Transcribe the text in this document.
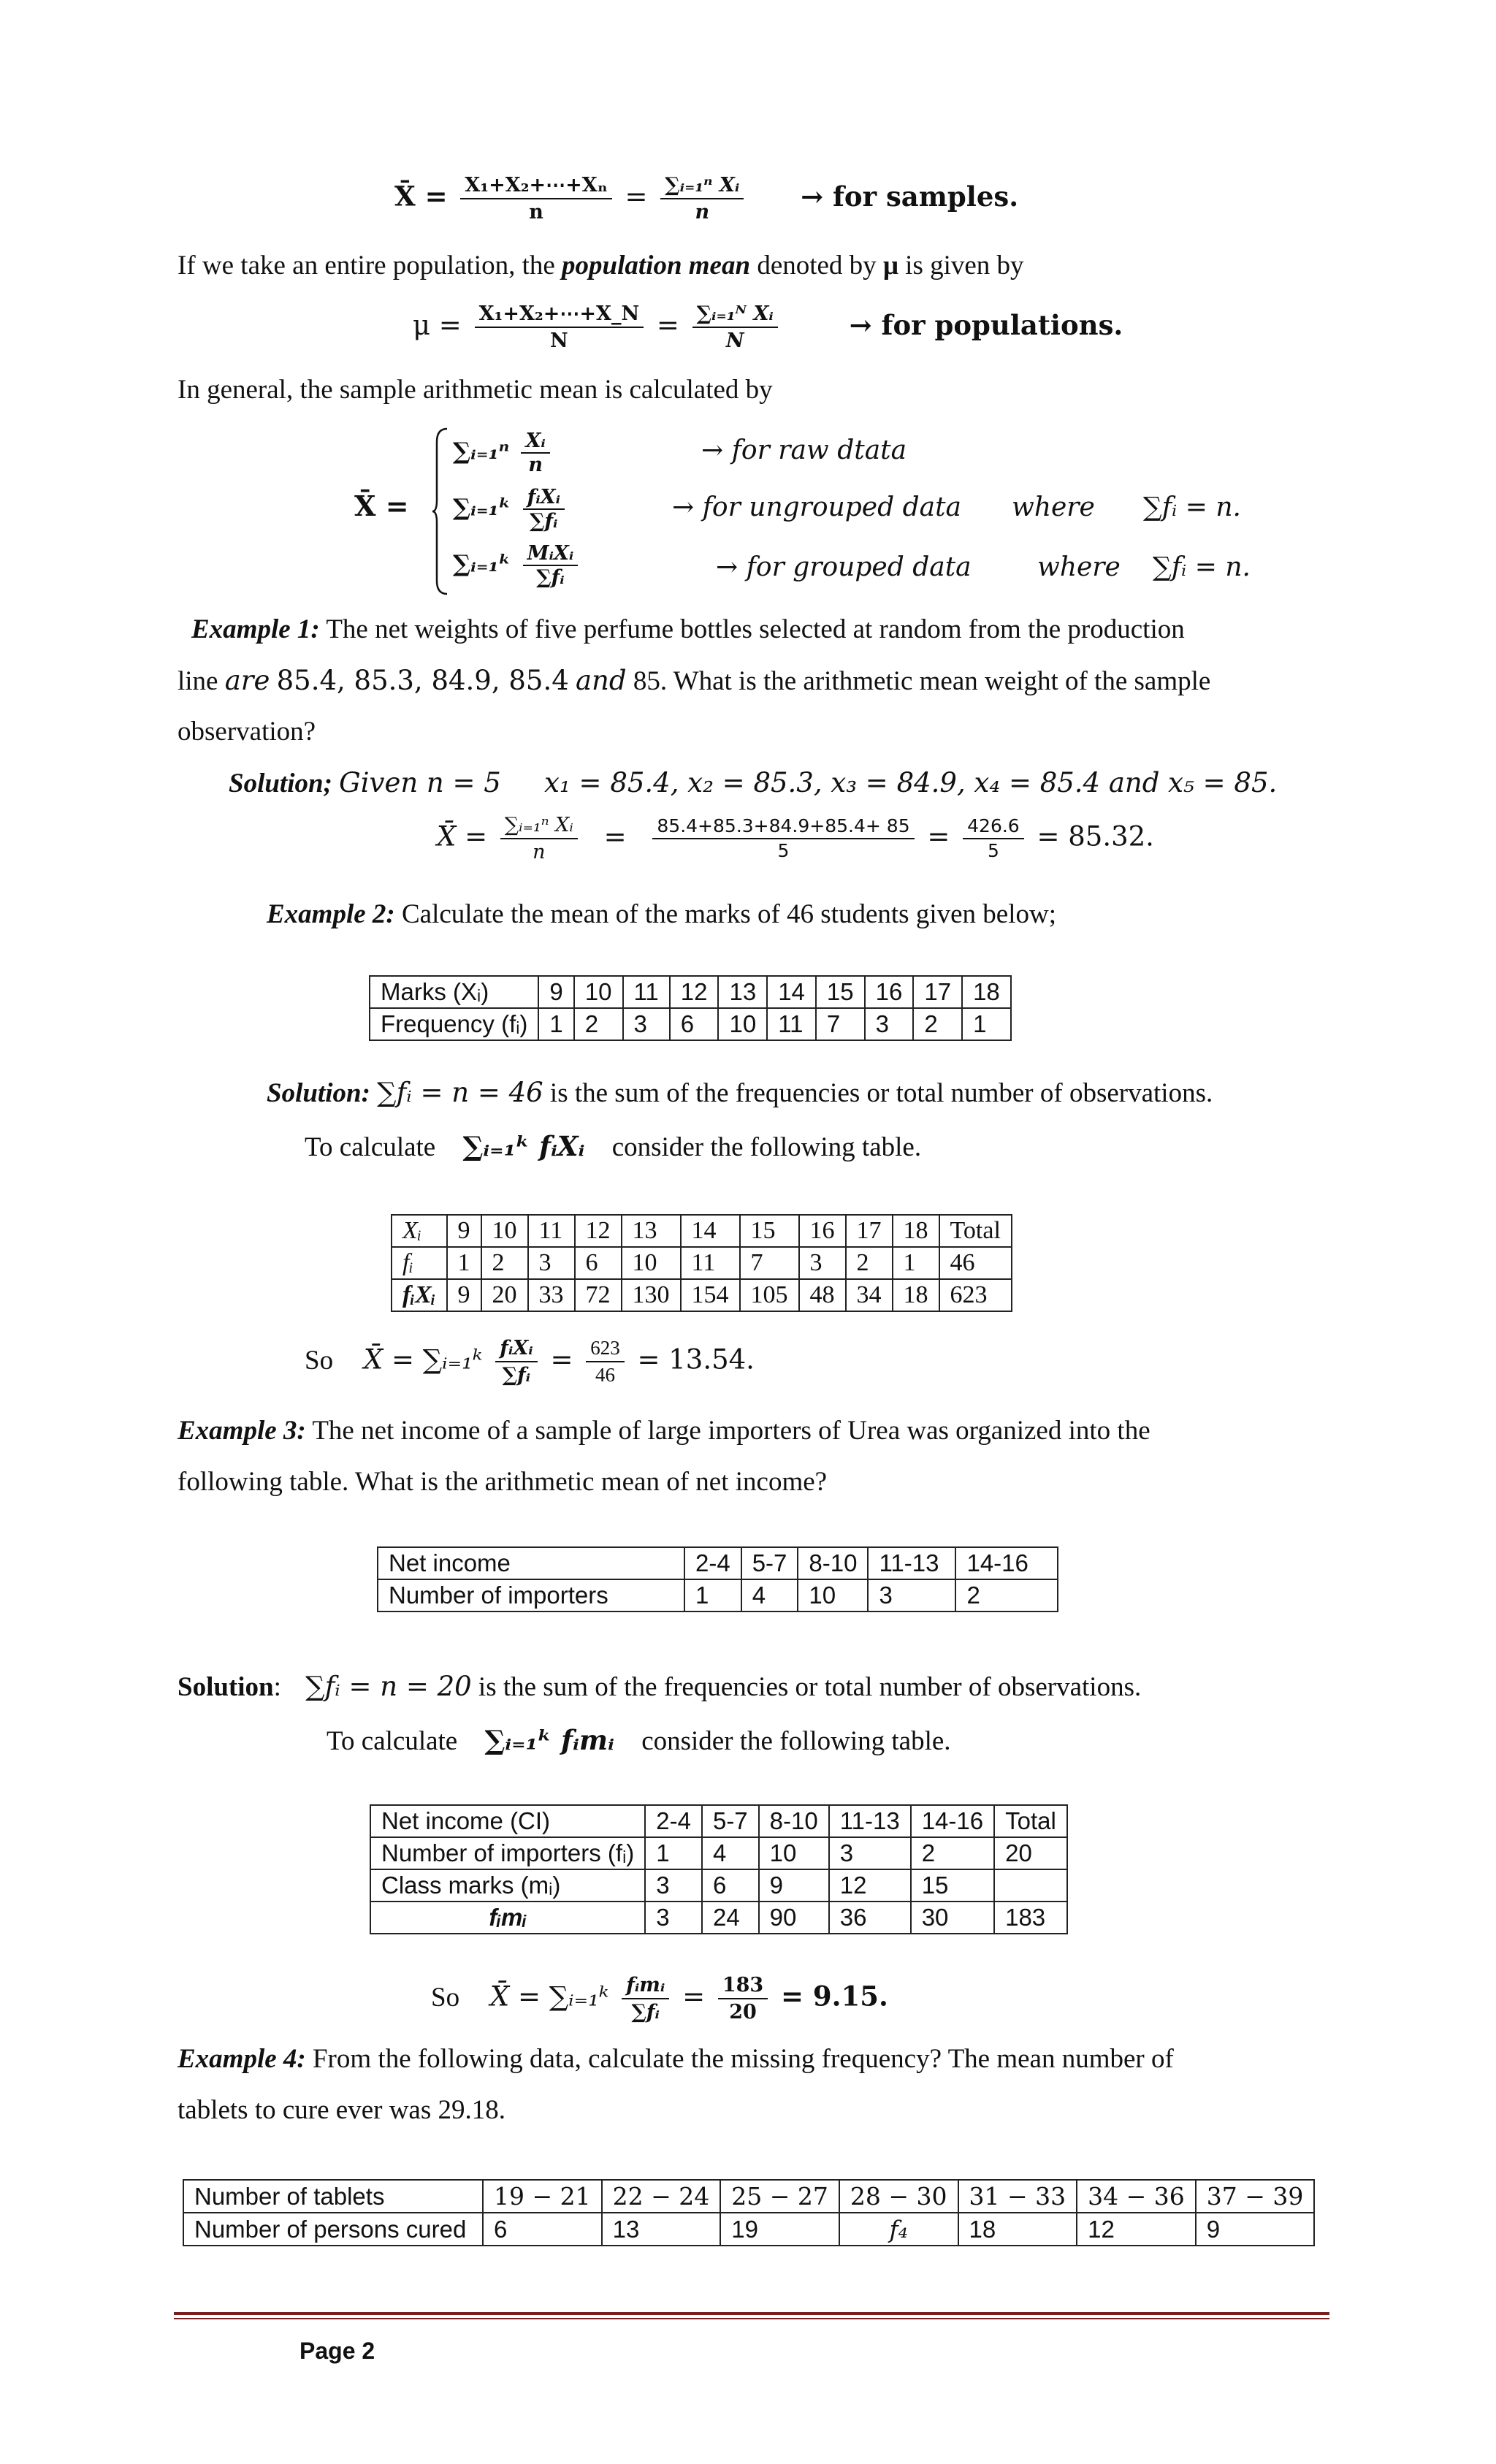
X̄ = $\frac{\text{X₁+X₂+⋯+Xₙ}}{n} = \frac{\text{∑ᵢ₌₁ⁿ Xᵢ}}{n}$ → for samples.
If we take an entire population, the population mean denoted by μ is given by
$\mu = \frac{\text{X₁+X₂+⋯+X\_N}}{N} = \frac{\text{∑ᵢ₌₁ᴺ Xᵢ}}{N}$	→ for populations.
In general, the sample arithmetic mean is calculated by
X̄ =
∑ᵢ₌₁ⁿ $\frac{\text{Xᵢ}}{n}$	→ for raw dtata
∑ᵢ₌₁ᵏ $\frac{\text{fᵢXᵢ}}{\text{∑fᵢ}}$	→ for ungrouped data where ∑fᵢ = n.
∑ᵢ₌₁ᵏ $\frac{\text{MᵢXᵢ}}{\text{∑fᵢ}}$	→ for grouped data	where ∑fᵢ = n.
Example 1: The net weights of five perfume bottles selected at random from the production
line are 85.4, 85.3, 84.9, 85.4 and 85. What is the arithmetic mean weight of the sample
observation?
Solution; Given n = 5 x₁ = 85.4, x₂ = 85.3, x₃ = 84.9, x₄ = 85.4 and x₅ = 85.
X̄ = $\frac{\text{∑ᵢ₌₁ⁿ Xᵢ}}{n} = \frac{85.4+85.3+84.9+85.4+ 85}{5} = \frac{426.6}{5} = 85.32$.
Example 2: Calculate the mean of the marks of 46 students given below;
Marks (Xᵢ)	9	10	11	12	13	14	15	16	17	18
Frequency (fᵢ)	1	2	3	6	10	11	7	3	2	1
Solution: ∑fᵢ = n = 46 is the sum of the frequencies or total number of observations.
To calculate ∑ᵢ₌₁ᵏ fᵢXᵢ consider the following table.
Xᵢ	9	10	11	12	13	14	15	16	17	18	Total
fᵢ	1	2	3	6	10	11	7	3	2	1	46
fᵢXᵢ	9	20	33	72	130	154	105	48	34	18	623
So X̄ = ∑ᵢ₌₁ᵏ $\frac{\text{fᵢXᵢ}}{\text{∑fᵢ}} = \frac{623}{46} = 13.54$.
Example 3: The net income of a sample of large importers of Urea was organized into the
following table. What is the arithmetic mean of net income?
Net income	2-4	5-7	8-10	11-13	14-16
Number of importers	1	4	10	3	2
Solution: ∑fᵢ = n = 20 is the sum of the frequencies or total number of observations.
To calculate ∑ᵢ₌₁ᵏ fᵢmᵢ consider the following table.
Net income (CI)	2-4	5-7	8-10	11-13	14-16	Total
Number of importers (fᵢ)	1	4	10	3	2	20
Class marks (mᵢ)	3	6	9	12	15	
fᵢmᵢ	3	24	90	36	30	183
So X̄ = ∑ᵢ₌₁ᵏ $\frac{\text{fᵢmᵢ}}{\text{∑fᵢ}} = \frac{183}{20} = 9.15$.
Example 4: From the following data, calculate the missing frequency? The mean number of
tablets to cure ever was 29.18.
Number of tablets	19 − 21	22 − 24	25 − 27	28 − 30	31 − 33	34 − 36	37 − 39
Number of persons cured	6	13	19	f₄	18	12	9
Page 2
